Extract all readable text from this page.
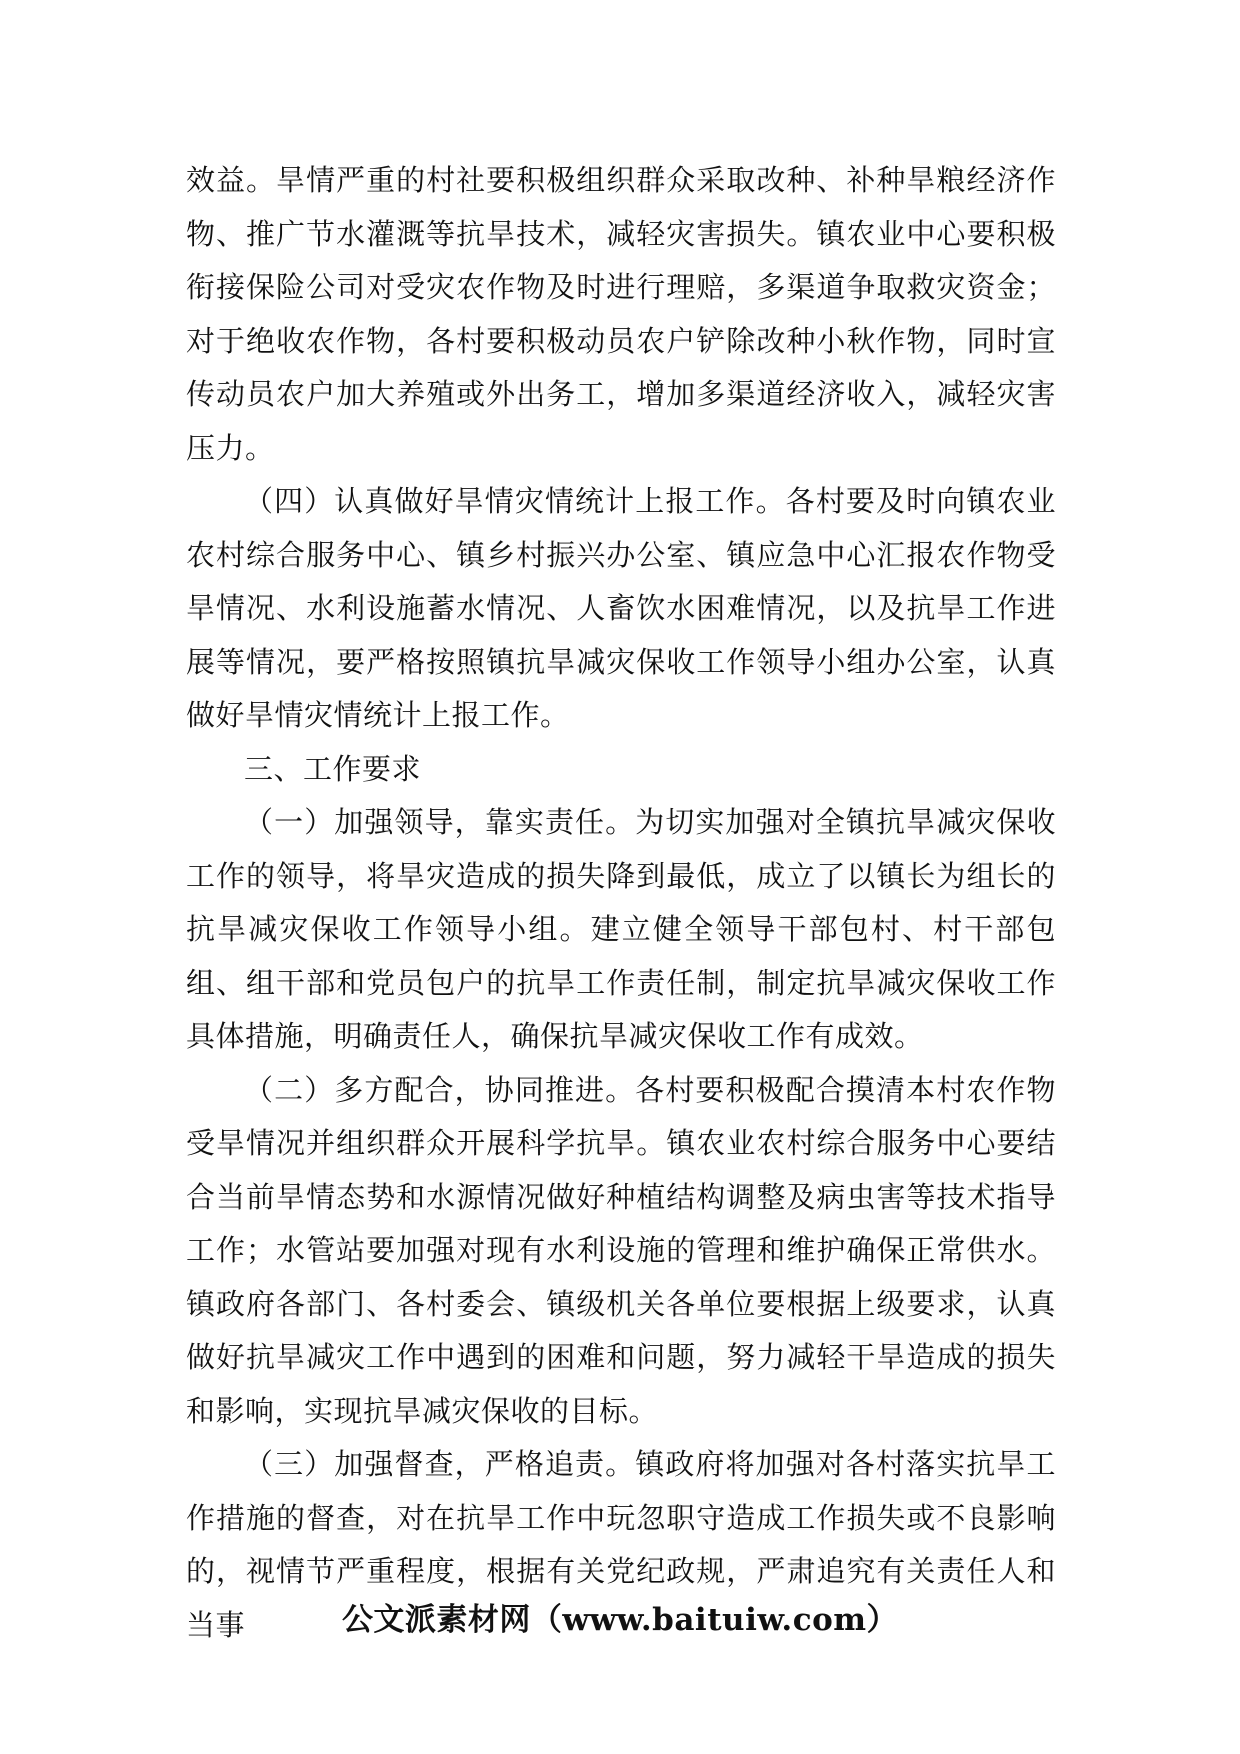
效益。旱情严重的村社要积极组织群众采取改种、补种旱粮经济作物、推广节水灌溉等抗旱技术，减轻灾害损失。镇农业中心要积极衔接保险公司对受灾农作物及时进行理赔，多渠道争取救灾资金；对于绝收农作物，各村要积极动员农户铲除改种小秋作物，同时宣传动员农户加大养殖或外出务工，增加多渠道经济收入，减轻灾害压力。

（四）认真做好旱情灾情统计上报工作。各村要及时向镇农业农村综合服务中心、镇乡村振兴办公室、镇应急中心汇报农作物受旱情况、水利设施蓄水情况、人畜饮水困难情况，以及抗旱工作进展等情况，要严格按照镇抗旱减灾保收工作领导小组办公室，认真做好旱情灾情统计上报工作。

三、工作要求

（一）加强领导，靠实责任。为切实加强对全镇抗旱减灾保收工作的领导，将旱灾造成的损失降到最低，成立了以镇长为组长的抗旱减灾保收工作领导小组。建立健全领导干部包村、村干部包组、组干部和党员包户的抗旱工作责任制，制定抗旱减灾保收工作具体措施，明确责任人，确保抗旱减灾保收工作有成效。

（二）多方配合，协同推进。各村要积极配合摸清本村农作物受旱情况并组织群众开展科学抗旱。镇农业农村综合服务中心要结合当前旱情态势和水源情况做好种植结构调整及病虫害等技术指导工作；水管站要加强对现有水利设施的管理和维护确保正常供水。镇政府各部门、各村委会、镇级机关各单位要根据上级要求，认真做好抗旱减灾工作中遇到的困难和问题，努力减轻干旱造成的损失和影响，实现抗旱减灾保收的目标。

（三）加强督查，严格追责。镇政府将加强对各村落实抗旱工作措施的督查，对在抗旱工作中玩忽职守造成工作损失或不良影响的，视情节严重程度，根据有关党纪政规，严肃追究有关责任人和当事	公文派素材网（www.baituiw.com）
